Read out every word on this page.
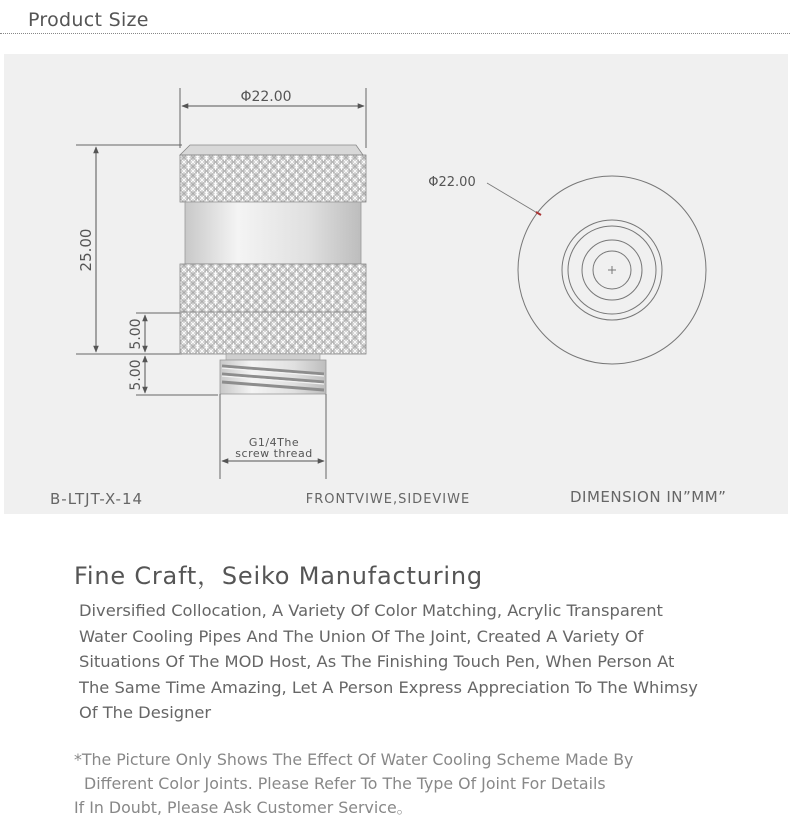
Product Size
Φ22.00
25.00
5.00
5.00
G1/4The
screw thread
Φ22.00
B-LTJT-X-14	FRONTVIWE,SIDEVIWE	DIMENSION IN”MM”
Fine Craft，Seiko Manufacturing
Diversified Collocation, A Variety Of Color Matching, Acrylic Transparent
Water Cooling Pipes And The Union Of The Joint, Created A Variety Of
Situations Of The MOD Host, As The Finishing Touch Pen, When Person At
The Same Time Amazing, Let A Person Express Appreciation To The Whimsy
Of The Designer
*The Picture Only Shows The Effect Of Water Cooling Scheme Made By
Different Color Joints. Please Refer To The Type Of Joint For Details
If In Doubt, Please Ask Customer Service。
